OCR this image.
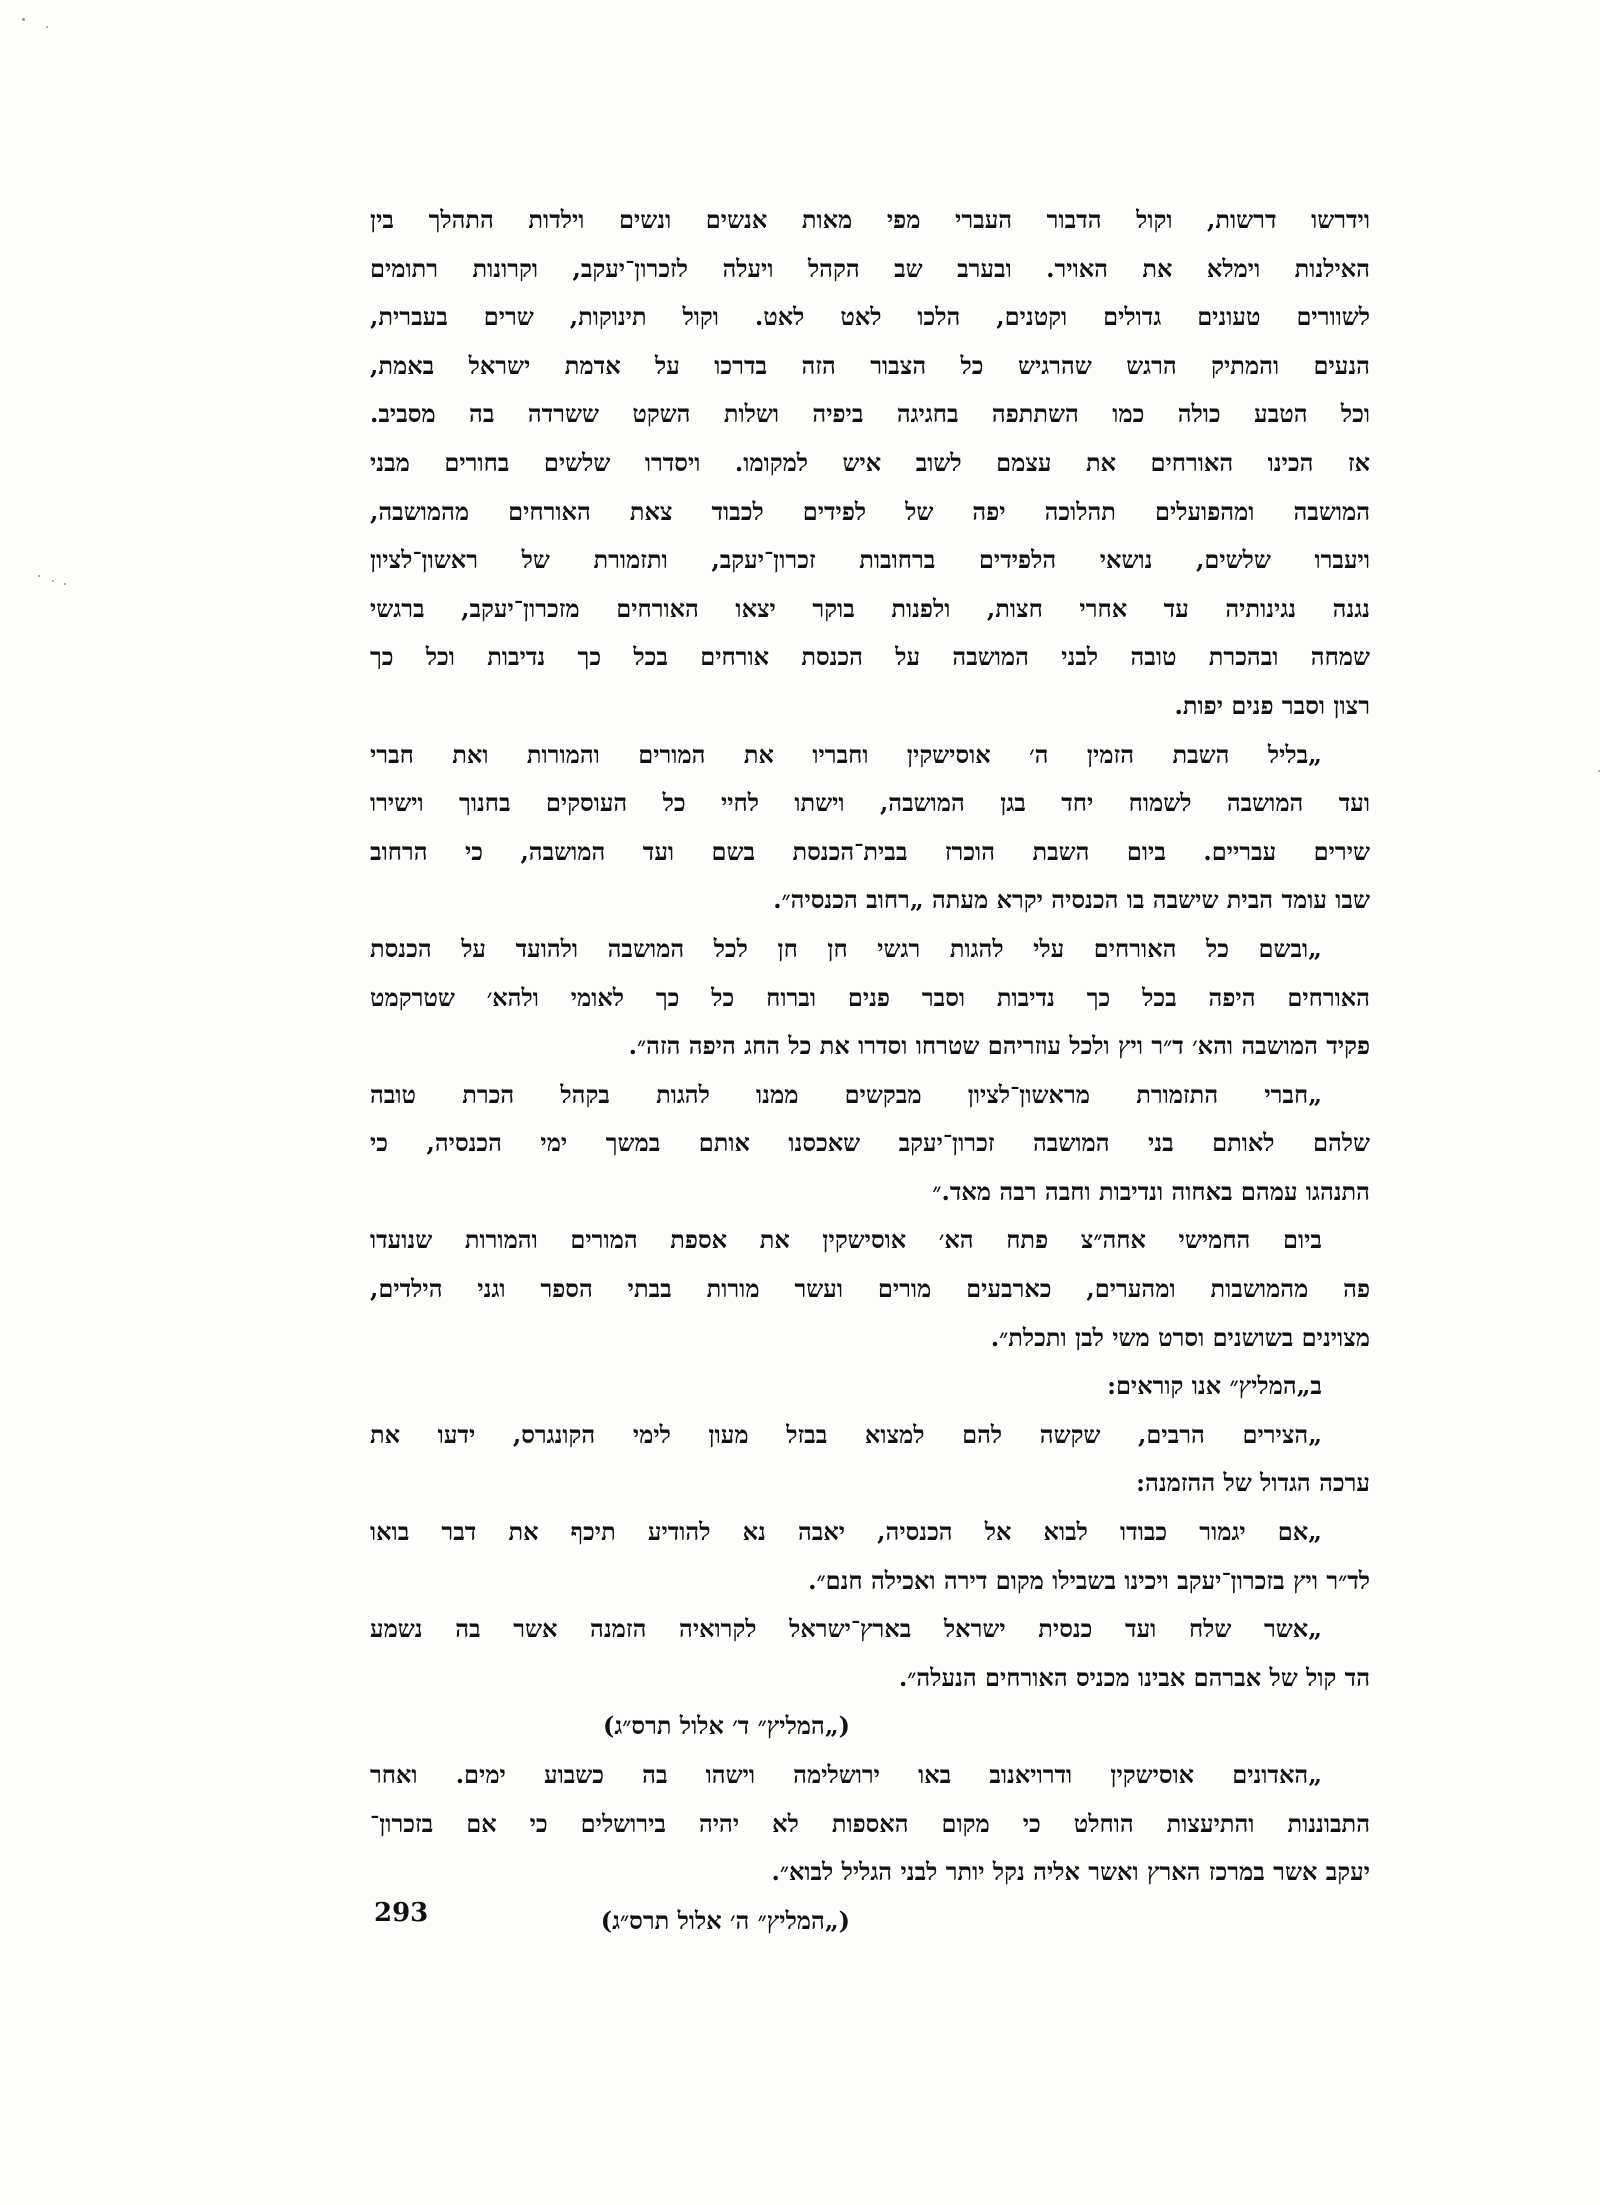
וידרשו דרשות, וקול הדבור העברי מפי מאות אנשים ונשים וילדות התהלך בין
האילנות וימלא את האויר. ובערב שב הקהל ויעלה לזכרון־יעקב, וקרונות רתומים
לשוורים טעונים גדולים וקטנים, הלכו לאט לאט. וקול תינוקות, שרים בעברית,
הנעים והמתיק הרגש שהרגיש כל הצבור הזה בדרכו על אדמת ישראל באמת,
וכל הטבע כולה כמו השתתפה בחגיגה ביפיה ושלות השקט ששרדה בה מסביב.
אז הכינו האורחים את עצמם לשוב איש למקומו. ויסדרו שלשים בחורים מבני
המושבה ומהפועלים תהלוכה יפה של לפידים לכבוד צאת האורחים מהמושבה,
ויעברו שלשים, נושאי הלפידים ברחובות זכרון־יעקב, ותזמורת של ראשון־לציון
נגנה נגינותיה עד אחרי חצות, ולפנות בוקר יצאו האורחים מזכרון־יעקב, ברגשי
שמחה ובהכרת טובה לבני המושבה על הכנסת אורחים בכל כך נדיבות וכל כך
רצון וסבר פנים יפות.
„בליל השבת הזמין ה׳ אוסישקין וחבריו את המורים והמורות ואת חברי
ועד המושבה לשמוח יחד בגן המושבה, וישתו לחיי כל העוסקים בחנוך וישירו
שירים עבריים. ביום השבת הוכרז בבית־הכנסת בשם ועד המושבה, כי הרחוב
שבו עומד הבית שישבה בו הכנסיה יקרא מעתה „רחוב הכנסיה״.
„ובשם כל האורחים עלי להגות רגשי חן חן לכל המושבה ולהועד על הכנסת
האורחים היפה בכל כך נדיבות וסבר פנים וברוח כל כך לאומי ולהא׳ שטרקמט
פקיד המושבה והא׳ ד״ר ויץ ולכל עוזריהם שטרחו וסדרו את כל החג היפה הזה״.
„חברי התזמורת מראשון־לציון מבקשים ממנו להגות בקהל הכרת טובה
שלהם לאותם בני המושבה זכרון־יעקב שאכסנו אותם במשך ימי הכנסיה, כי
התנהגו עמהם באחוה ונדיבות וחבה רבה מאד.״
ביום החמישי אחה״צ פתח הא׳ אוסישקין את אספת המורים והמורות שנועדו
פה מהמושבות ומהערים, כארבעים מורים ועשר מורות בבתי הספר וגני הילדים,
מצוינים בשושנים וסרט משי לבן ותכלת״.
ב„המליץ״ אנו קוראים:
„הצירים הרבים, שקשה להם למצוא בבזל מעון לימי הקונגרס, ידעו את
ערכה הגדול של ההזמנה:
„אם יגמור כבודו לבוא אל הכנסיה, יאבה נא להודיע תיכף את דבר בואו
לד״ר ויץ בזכרון־יעקב ויכינו בשבילו מקום דירה ואכילה חנם״.
„אשר שלח ועד כנסית ישראל בארץ־ישראל לקרואיה הזמנה אשר בה נשמע
הד קול של אברהם אבינו מכניס האורחים הנעלה״.
(„המליץ״ ד׳ אלול תרס״ג)
„האדונים אוסישקין ודרויאנוב באו ירושלימה וישהו בה כשבוע ימים. ואחר
התבוננות והתיעצות הוחלט כי מקום האספות לא יהיה בירושלים כי אם בזכרון־
יעקב אשר במרכז הארץ ואשר אליה נקל יותר לבני הגליל לבוא״.
(„המליץ״ ה׳ אלול תרס״ג)
293
